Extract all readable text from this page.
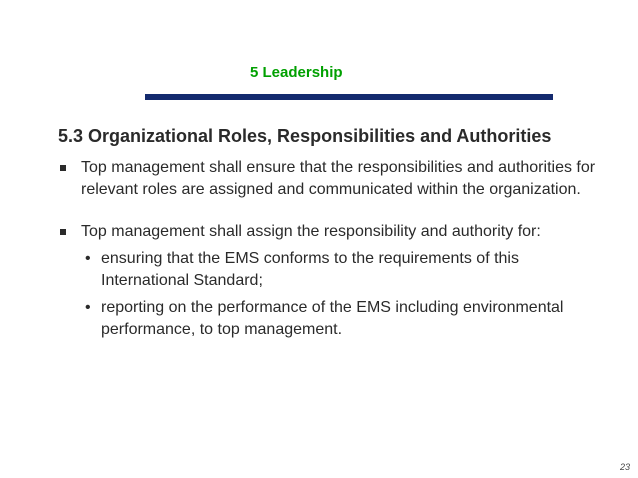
5 Leadership
5.3 Organizational Roles, Responsibilities and Authorities
Top management shall ensure that the responsibilities and authorities for relevant roles are assigned and communicated within the organization.
Top management shall assign the responsibility and authority for:
• ensuring that the EMS conforms to the requirements of this International Standard;
• reporting on the performance of the EMS including environmental performance, to top management.
23
